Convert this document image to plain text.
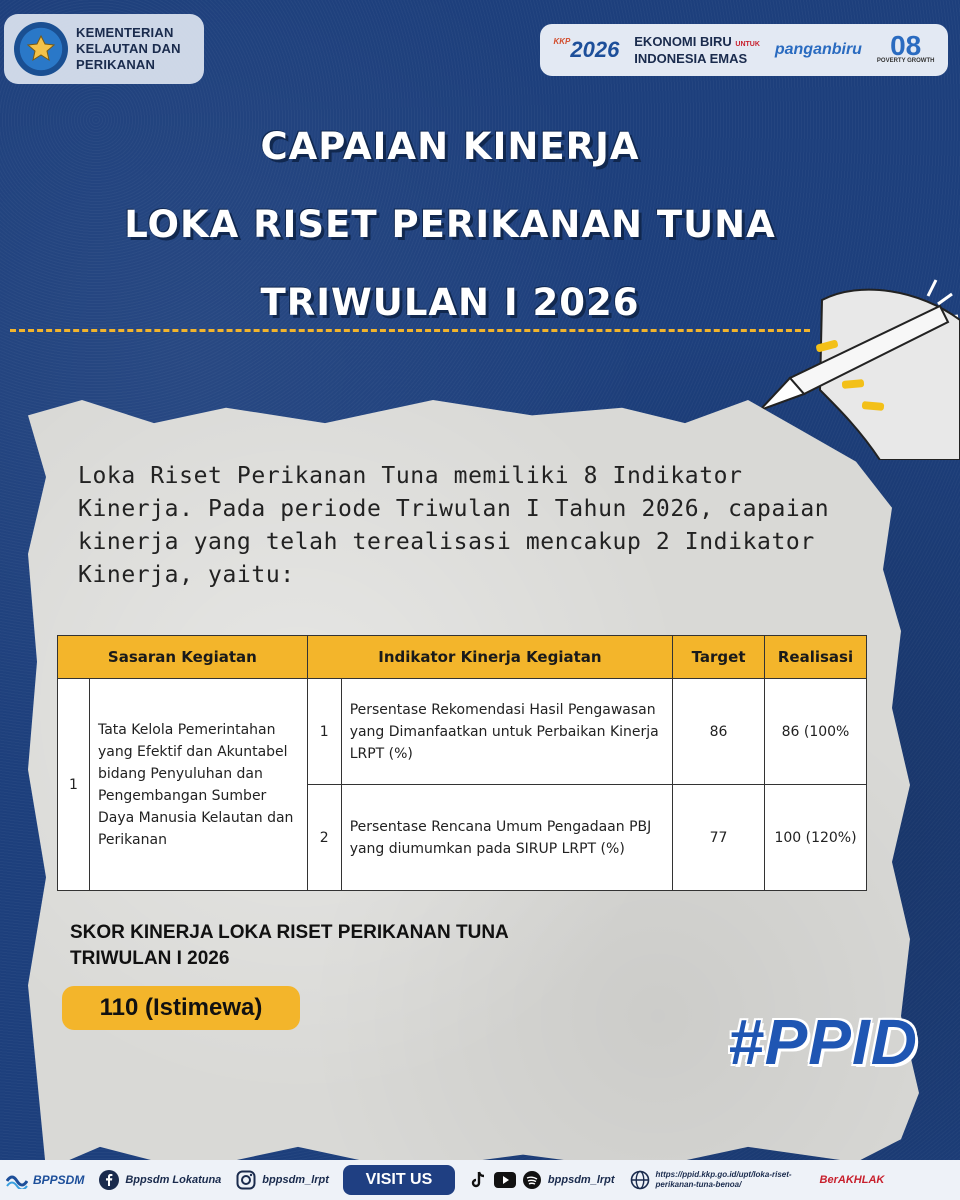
KEMENTERIAN
KELAUTAN DAN
PERIKANAN
$^{KKP}$2026 EKONOMI BIRU UNTUK
INDONESIA EMAS	panganbiru	08
POVERTY GROWTH
CAPAIAN KINERJA
LOKA RISET PERIKANAN TUNA
TRIWULAN I 2026
Loka Riset Perikanan Tuna memiliki 8 Indikator Kinerja. Pada periode Triwulan I Tahun 2026, capaian kinerja yang telah terealisasi mencakup 2 Indikator Kinerja, yaitu:
Sasaran Kegiatan		Indikator Kinerja Kegiatan		Target	Realisasi
1	Tata Kelola Pemerintahan yang Efektif dan Akuntabel bidang Penyuluhan dan Pengembangan Sumber Daya Manusia Kelautan dan Perikanan	1	Persentase Rekomendasi Hasil Pengawasan yang Dimanfaatkan untuk Perbaikan Kinerja LRPT (%)	86	86 (100%
		2	Persentase Rencana Umum Pengadaan PBJ yang diumumkan pada SIRUP LRPT (%)	77	100 (120%)
SKOR KINERJA LOKA RISET PERIKANAN TUNA
TRIWULAN I 2026
110 (Istimewa)	#PPID
BPPSDM	Bppsdm Lokatuna	bppsdm_lrpt	VISIT US	bppsdm_lrpt	https://ppid.kkp.go.id/upt/loka-riset-perikanan-tuna-benoa/	BerAKHLAK
